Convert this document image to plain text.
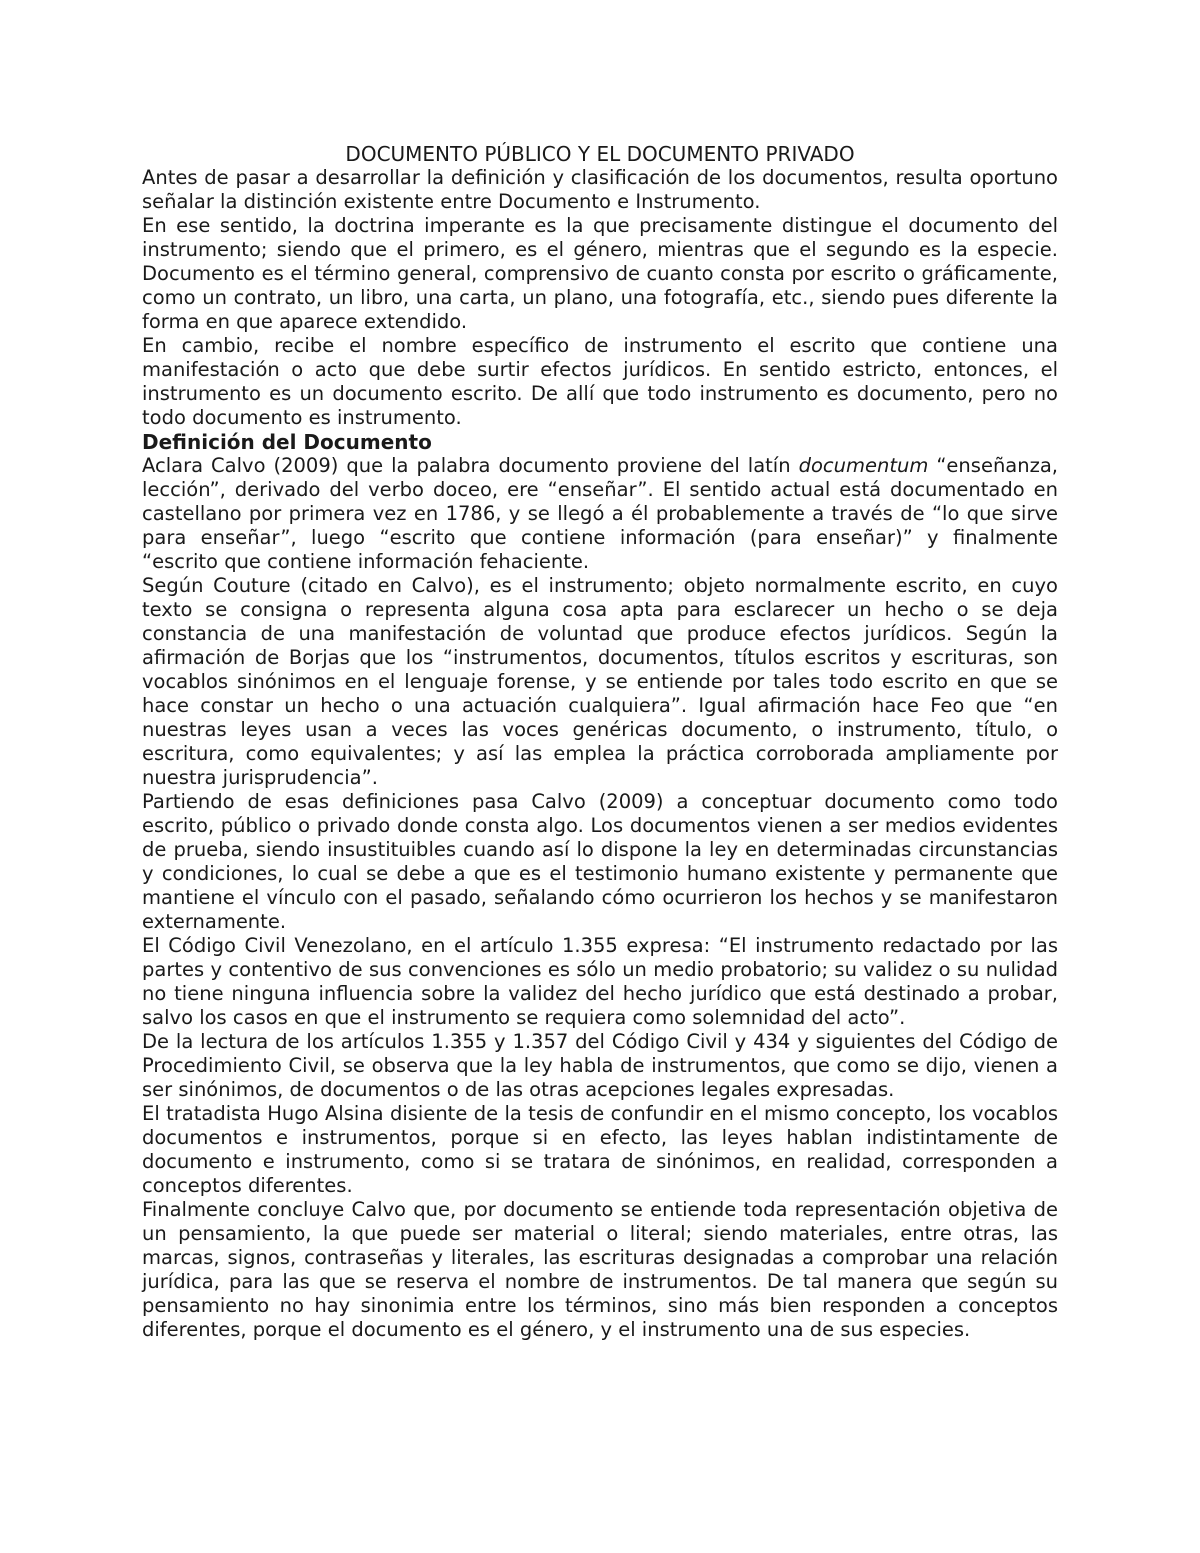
DOCUMENTO PÚBLICO Y EL DOCUMENTO PRIVADO

Antes de pasar a desarrollar la definición y clasificación de los documentos, resulta oportuno señalar la distinción existente entre Documento e Instrumento.

En ese sentido, la doctrina imperante es la que precisamente distingue el documento del instrumento; siendo que el primero, es el género, mientras que el segundo es la especie. Documento es el término general, comprensivo de cuanto consta por escrito o gráficamente, como un contrato, un libro, una carta, un plano, una fotografía, etc., siendo pues diferente la forma en que aparece extendido.

En cambio, recibe el nombre específico de instrumento el escrito que contiene una manifestación o acto que debe surtir efectos jurídicos. En sentido estricto, entonces, el instrumento es un documento escrito. De allí que todo instrumento es documento, pero no todo documento es instrumento.

Definición del Documento

Aclara Calvo (2009) que la palabra documento proviene del latín documentum “enseñanza, lección”, derivado del verbo doceo, ere “enseñar”. El sentido actual está documentado en castellano por primera vez en 1786, y se llegó a él probablemente a través de “lo que sirve para enseñar”, luego “escrito que contiene información (para enseñar)” y finalmente “escrito que contiene información fehaciente.

Según Couture (citado en Calvo), es el instrumento; objeto normalmente escrito, en cuyo texto se consigna o representa alguna cosa apta para esclarecer un hecho o se deja constancia de una manifestación de voluntad que produce efectos jurídicos. Según la afirmación de Borjas que los “instrumentos, documentos, títulos escritos y escrituras, son vocablos sinónimos en el lenguaje forense, y se entiende por tales todo escrito en que se hace constar un hecho o una actuación cualquiera”. Igual afirmación hace Feo que “en nuestras leyes usan a veces las voces genéricas documento, o instrumento, título, o escritura, como equivalentes; y así las emplea la práctica corroborada ampliamente por nuestra jurisprudencia”.

Partiendo de esas definiciones pasa Calvo (2009) a conceptuar documento como todo escrito, público o privado donde consta algo. Los documentos vienen a ser medios evidentes de prueba, siendo insustituibles cuando así lo dispone la ley en determinadas circunstancias y condiciones, lo cual se debe a que es el testimonio humano existente y permanente que mantiene el vínculo con el pasado, señalando cómo ocurrieron los hechos y se manifestaron externamente.

El Código Civil Venezolano, en el artículo 1.355 expresa: “El instrumento redactado por las partes y contentivo de sus convenciones es sólo un medio probatorio; su validez o su nulidad no tiene ninguna influencia sobre la validez del hecho jurídico que está destinado a probar, salvo los casos en que el instrumento se requiera como solemnidad del acto”.

De la lectura de los artículos 1.355 y 1.357 del Código Civil y 434 y siguientes del Código de Procedimiento Civil, se observa que la ley habla de instrumentos, que como se dijo, vienen a ser sinónimos, de documentos o de las otras acepciones legales expresadas.

El tratadista Hugo Alsina disiente de la tesis de confundir en el mismo concepto, los vocablos documentos e instrumentos, porque si en efecto, las leyes hablan indistintamente de documento e instrumento, como si se tratara de sinónimos, en realidad, corresponden a conceptos diferentes.

Finalmente concluye Calvo que, por documento se entiende toda representación objetiva de un pensamiento, la que puede ser material o literal; siendo materiales, entre otras, las marcas, signos, contraseñas y literales, las escrituras designadas a comprobar una relación jurídica, para las que se reserva el nombre de instrumentos. De tal manera que según su pensamiento no hay sinonimia entre los términos, sino más bien responden a conceptos diferentes, porque el documento es el género, y el instrumento una de sus especies.
